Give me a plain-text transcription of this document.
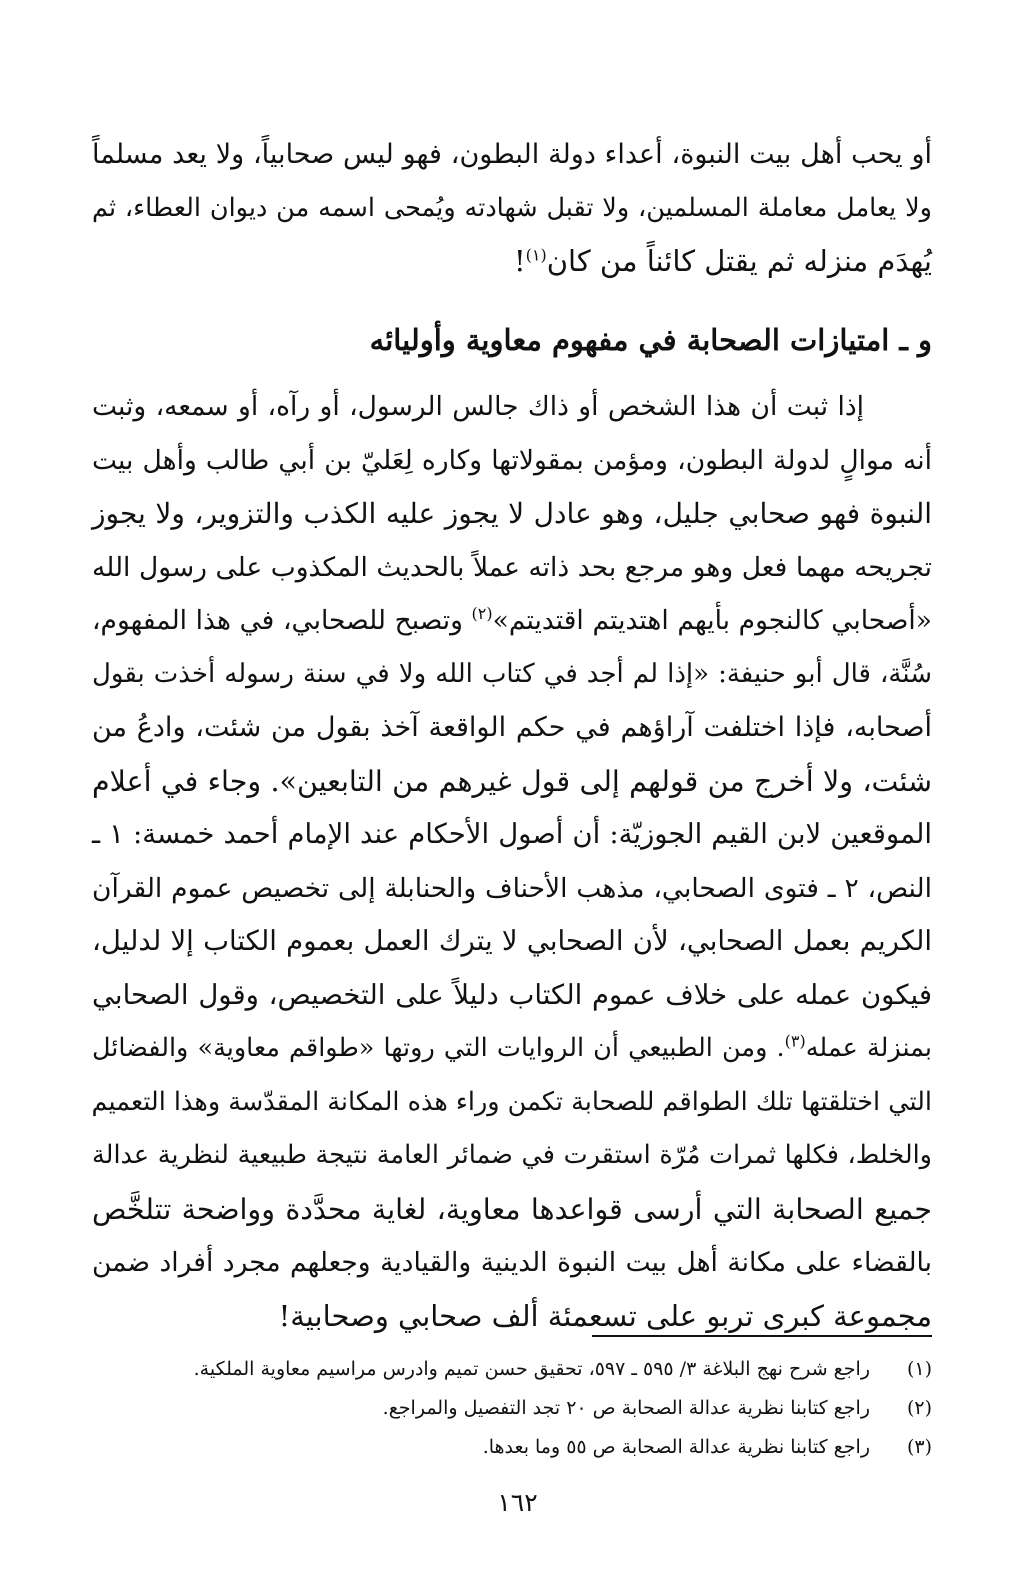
أو يحب أهل بيت النبوة، أعداء دولة البطون، فهو ليس صحابياً، ولا يعد مسلماً
ولا يعامل معاملة المسلمين، ولا تقبل شهادته ويُمحى اسمه من ديوان العطاء، ثم
يُهدَم منزله ثم يقتل كائناً من كان$^{(١)}$!

و ـ امتيازات الصحابة في مفهوم معاوية وأوليائه

إذا ثبت أن هذا الشخص أو ذاك جالس الرسول، أو رآه، أو سمعه، وثبت
أنه موالٍ لدولة البطون، ومؤمن بمقولاتها وكاره لِعَليّ بن أبي طالب وأهل بيت
النبوة فهو صحابي جليل، وهو عادل لا يجوز عليه الكذب والتزوير، ولا يجوز
تجريحه مهما فعل وهو مرجع بحد ذاته عملاً بالحديث المكذوب على رسول الله
«أصحابي كالنجوم بأيهم اهتديتم اقتديتم»$^{(٢)}$ وتصبح للصحابي، في هذا المفهوم،
سُنَّة، قال أبو حنيفة: «إذا لم أجد في كتاب الله ولا في سنة رسوله أخذت بقول
أصحابه، فإذا اختلفت آراؤهم في حكم الواقعة آخذ بقول من شئت، وادعُ من
شئت، ولا أخرج من قولهم إلى قول غيرهم من التابعين». وجاء في أعلام
الموقعين لابن القيم الجوزيّة: أن أصول الأحكام عند الإمام أحمد خمسة: ١ ـ
النص، ٢ ـ فتوى الصحابي، مذهب الأحناف والحنابلة إلى تخصيص عموم القرآن
الكريم بعمل الصحابي، لأن الصحابي لا يترك العمل بعموم الكتاب إلا لدليل،
فيكون عمله على خلاف عموم الكتاب دليلاً على التخصيص، وقول الصحابي
بمنزلة عمله$^{(٣)}$. ومن الطبيعي أن الروايات التي روتها «طواقم معاوية» والفضائل
التي اختلقتها تلك الطواقم للصحابة تكمن وراء هذه المكانة المقدّسة وهذا التعميم
والخلط، فكلها ثمرات مُرّة استقرت في ضمائر العامة نتيجة طبيعية لنظرية عدالة
جميع الصحابة التي أرسى قواعدها معاوية، لغاية محدَّدة وواضحة تتلخَّص
بالقضاء على مكانة أهل بيت النبوة الدينية والقيادية وجعلهم مجرد أفراد ضمن
مجموعة كبرى تربو على تسعمئة ألف صحابي وصحابية!

(١)
راجع شرح نهج البلاغة ٣/ ٥٩٥ ـ ٥٩٧، تحقيق حسن تميم وادرس مراسيم معاوية الملكية.
(٢)
راجع كتابنا نظرية عدالة الصحابة ص ٢٠ تجد التفصيل والمراجع.
(٣)
راجع كتابنا نظرية عدالة الصحابة ص ٥٥ وما بعدها.
١٦٢
